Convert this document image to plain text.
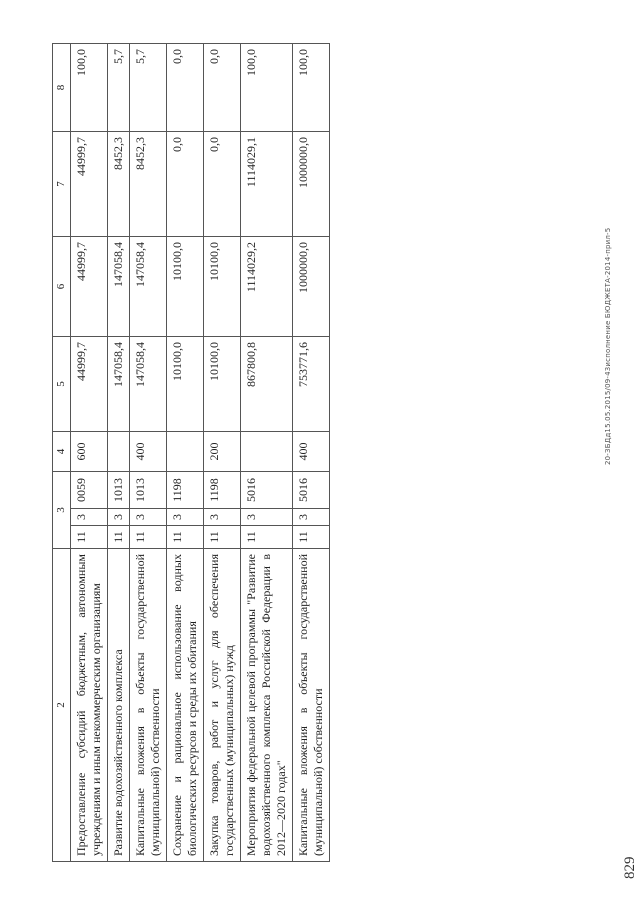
2	3			4	5	6	7	8
Предоставление субсидий бюджетным, автономным учреждениям и иным некоммерческим организациям	11	3	0059	600	44999,7	44999,7	44999,7	100,0
Развитие водохозяйственного комплекса	11	3	1013		147058,4	147058,4	8452,3	5,7
Капитальные вложения в объекты государственной (муниципальной) собственности	11	3	1013	400	147058,4	147058,4	8452,3	5,7
Сохранение и рациональное использование водных биологических ресурсов и среды их обитания	11	3	1198		10100,0	10100,0	0,0	0,0
Закупка товаров, работ и услуг для обеспечения государственных (муниципальных) нужд	11	3	1198	200	10100,0	10100,0	0,0	0,0
Мероприятия федеральной целевой программы "Развитие водохозяйственного комплекса Российской Федерации в 2012—2020 годах"	11	3	5016		867800,8	1114029,2	1114029,1	100,0
Капитальные вложения в объекты государственной (муниципальной) собственности	11	3	5016	400	753771,6	1000000,0	1000000,0	100,0
20-ЗБДд15.05.2015/09-43исполнение БЮДЖЕТА-2014-прил-5
829
